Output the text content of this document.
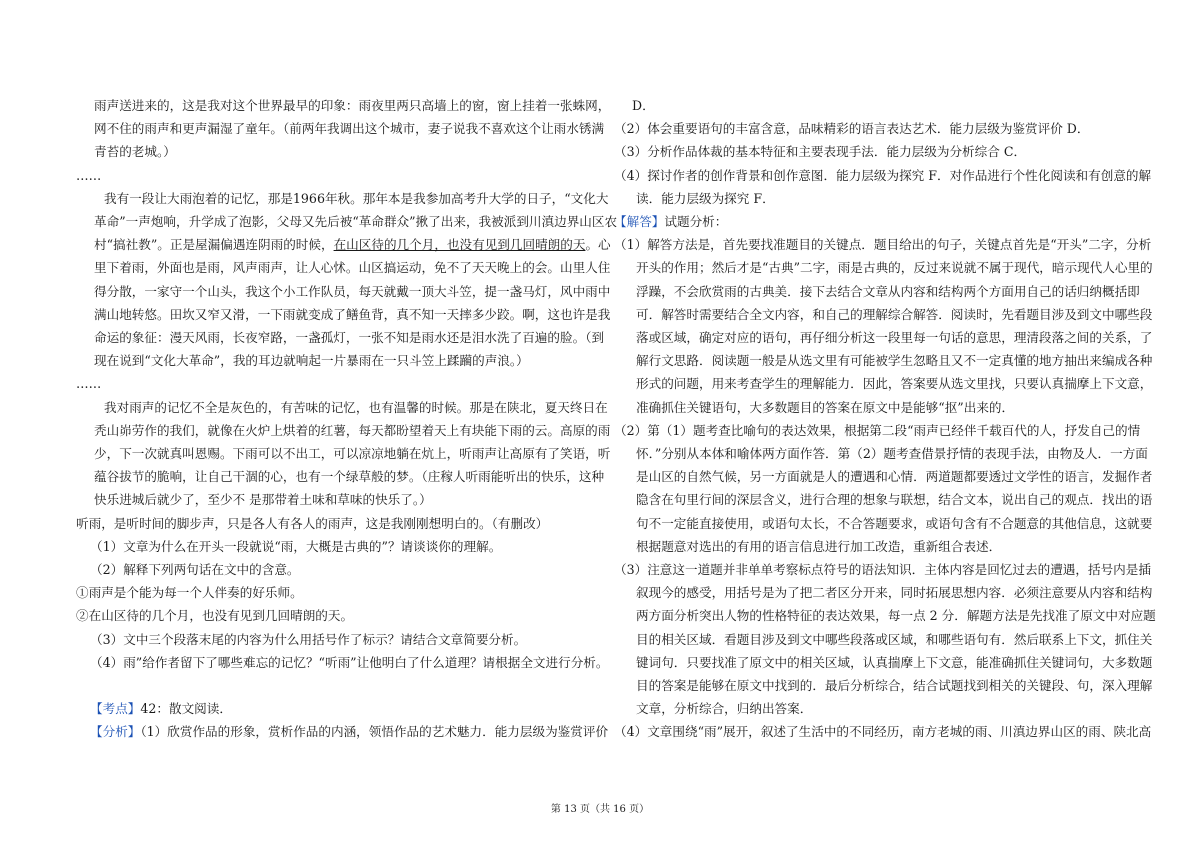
雨声送进来的，这是我对这个世界最早的印象：雨夜里两只高墙上的窗，窗上挂着一张蛛网，

网不住的雨声和更声漏湿了童年。（前两年我调出这个城市，妻子说我不喜欢这个让雨水锈满

青苔的老城。）

……

我有一段让大雨泡着的记忆，那是1966年秋。那年本是我参加高考升大学的日子，“文化大

革命”一声炮响，升学成了泡影，父母又先后被“革命群众”揪了出来，我被派到川滇边界山区农

村“搞社教”。正是屋漏偏遇连阴雨的时候，在山区待的几个月，也没有见到几回晴朗的天。心

里下着雨，外面也是雨，风声雨声，让人心怵。山区搞运动，免不了天天晚上的会。山里人住

得分散，一家守一个山头，我这个小工作队员，每天就戴一顶大斗笠，提一盏马灯，风中雨中

满山地转悠。田坎又窄又滑，一下雨就变成了鳝鱼背，真不知一天摔多少跤。啊，这也许是我

命运的象征：漫天风雨，长夜窄路，一盏孤灯，一张不知是雨水还是泪水洗了百遍的脸。（到

现在说到“文化大革命”，我的耳边就响起一片暴雨在一只斗笠上蹂躏的声浪。）

……

我对雨声的记忆不全是灰色的，有苦味的记忆，也有温馨的时候。那是在陕北，夏天终日在

秃山峁劳作的我们，就像在火炉上烘着的红薯，每天都盼望着天上有块能下雨的云。高原的雨

少，下一次就真叫恩赐。下雨可以不出工，可以凉凉地躺在炕上，听雨声让高原有了笑语，听

蕴谷拔节的脆响，让自己干涸的心，也有一个绿草般的梦。（庄稼人听雨能听出的快乐，这种

快乐进城后就少了，至少不 是那带着土味和草味的快乐了。）

听雨，是听时间的脚步声，只是各人有各人的雨声，这是我刚刚想明白的。（有删改）

（1）文章为什么在开头一段就说“雨，大概是古典的”？请谈谈你的理解。

（2）解释下列两句话在文中的含意。

①雨声是个能为每一个人伴奏的好乐师。

②在山区待的几个月，也没有见到几回晴朗的天。

（3）文中三个段落末尾的内容为什么用括号作了标示？请结合文章简要分析。

（4）雨”给作者留下了哪些难忘的记忆？“听雨”让他明白了什么道理？请根据全文进行分析。

【考点】42：散文阅读．

【分析】（1）欣赏作品的形象，赏析作品的内涵，领悟作品的艺术魅力．能力层级为鉴赏评价

D．

（2）体会重要语句的丰富含意，品味精彩的语言表达艺术．能力层级为鉴赏评价 D．

（3）分析作品体裁的基本特征和主要表现手法．能力层级为分析综合 C．

（4）探讨作者的创作背景和创作意图．能力层级为探究 F．对作品进行个性化阅读和有创意的解

读．能力层级为探究 F．

【解答】试题分析：

（1）解答方法是，首先要找准题目的关键点．题目给出的句子，关键点首先是“开头”二字，分析

开头的作用；然后才是“古典”二字，雨是古典的，反过来说就不属于现代，暗示现代人心里的

浮躁，不会欣赏雨的古典美．接下去结合文章从内容和结构两个方面用自己的话归纳概括即

可．解答时需要结合全文内容，和自己的理解综合解答．阅读时，先看题目涉及到文中哪些段

落或区域，确定对应的语句，再仔细分析这一段里每一句话的意思，理清段落之间的关系，了

解行文思路．阅读题一般是从选文里有可能被学生忽略且又不一定真懂的地方抽出来编成各种

形式的问题，用来考查学生的理解能力．因此，答案要从选文里找，只要认真揣摩上下文意，

准确抓住关键语句，大多数题目的答案在原文中是能够“抠”出来的．

（2）第（1）题考查比喻句的表达效果，根据第二段“雨声已经伴千载百代的人，抒发自己的情

怀．”分别从本体和喻体两方面作答．第（2）题考查借景抒情的表现手法，由物及人．一方面

是山区的自然气候，另一方面就是人的遭遇和心情．两道题都要透过文学性的语言，发掘作者

隐含在句里行间的深层含义，进行合理的想象与联想，结合文本，说出自己的观点．找出的语

句不一定能直接使用，或语句太长，不合答题要求，或语句含有不合题意的其他信息，这就要

根据题意对选出的有用的语言信息进行加工改造，重新组合表述．

（3）注意这一道题并非单单考察标点符号的语法知识．主体内容是回忆过去的遭遇，括号内是插

叙现今的感受，用括号是为了把二者区分开来，同时拓展思想内容．必须注意要从内容和结构

两方面分析突出人物的性格特征的表达效果，每一点 2 分．解题方法是先找准了原文中对应题

目的相关区域．看题目涉及到文中哪些段落或区域，和哪些语句有．然后联系上下文，抓住关

键词句．只要找准了原文中的相关区域，认真揣摩上下文意，能准确抓住关键词句，大多数题

目的答案是能够在原文中找到的．最后分析综合，结合试题找到相关的关键段、句，深入理解

文章，分析综合，归纳出答案．

（4）文章围绕“雨”展开，叙述了生活中的不同经历，南方老城的雨、川滇边界山区的雨、陕北高

第 13 页（共 16 页）
